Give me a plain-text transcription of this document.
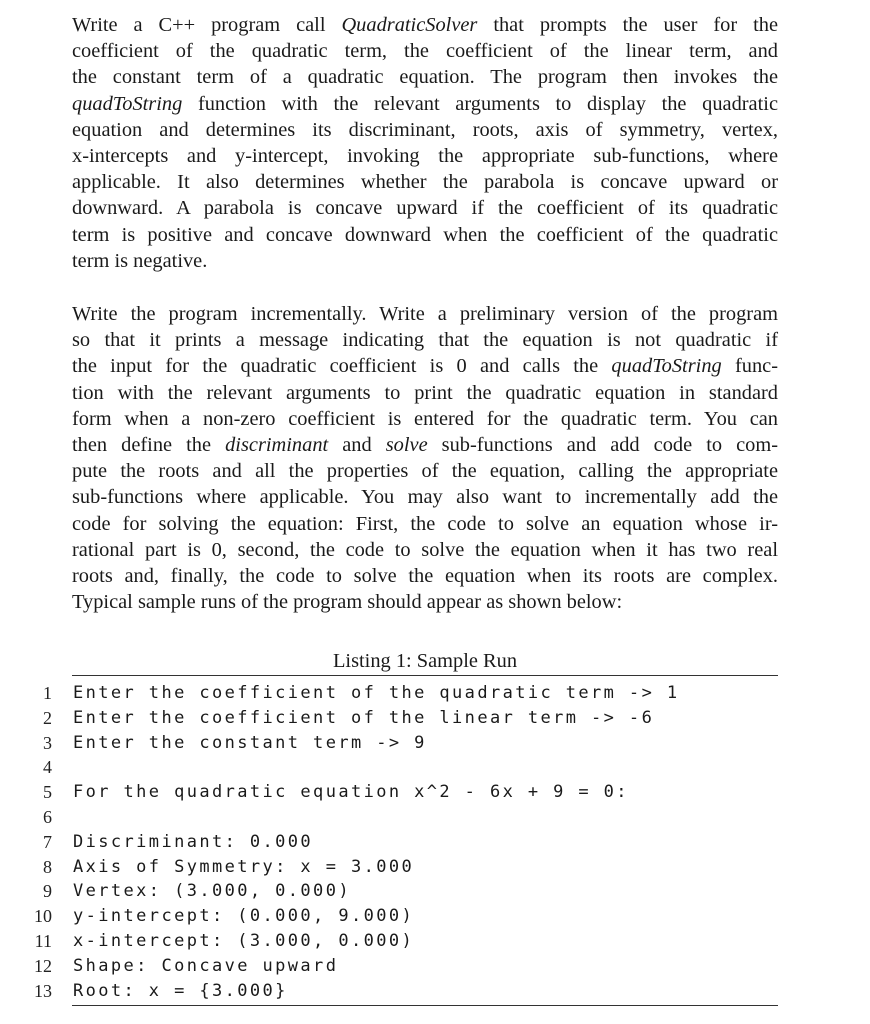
Write a C++ program call QuadraticSolver that prompts the user for the
coefficient of the quadratic term, the coefficient of the linear term, and
the constant term of a quadratic equation. The program then invokes the
quadToString function with the relevant arguments to display the quadratic
equation and determines its discriminant, roots, axis of symmetry, vertex,
x-intercepts and y-intercept, invoking the appropriate sub-functions, where
applicable. It also determines whether the parabola is concave upward or
downward. A parabola is concave upward if the coefficient of its quadratic
term is positive and concave downward when the coefficient of the quadratic
term is negative.
Write the program incrementally. Write a preliminary version of the program
so that it prints a message indicating that the equation is not quadratic if
the input for the quadratic coefficient is 0 and calls the quadToString func-
tion with the relevant arguments to print the quadratic equation in standard
form when a non-zero coefficient is entered for the quadratic term. You can
then define the discriminant and solve sub-functions and add code to com-
pute the roots and all the properties of the equation, calling the appropriate
sub-functions where applicable. You may also want to incrementally add the
code for solving the equation: First, the code to solve an equation whose ir-
rational part is 0, second, the code to solve the equation when it has two real
roots and, finally, the code to solve the equation when its roots are complex.
Typical sample runs of the program should appear as shown below:
Listing 1: Sample Run
1 Enter the coefficient of the quadratic term -> 1
2 Enter the coefficient of the linear term -> -6
3 Enter the constant term -> 9
4
5 For the quadratic equation x^2 - 6x + 9 = 0:
6
7 Discriminant: 0.000
8 Axis of Symmetry: x = 3.000
9 Vertex: (3.000, 0.000)
10 y-intercept: (0.000, 9.000)
11 x-intercept: (3.000, 0.000)
12 Shape: Concave upward
13 Root: x = {3.000}
